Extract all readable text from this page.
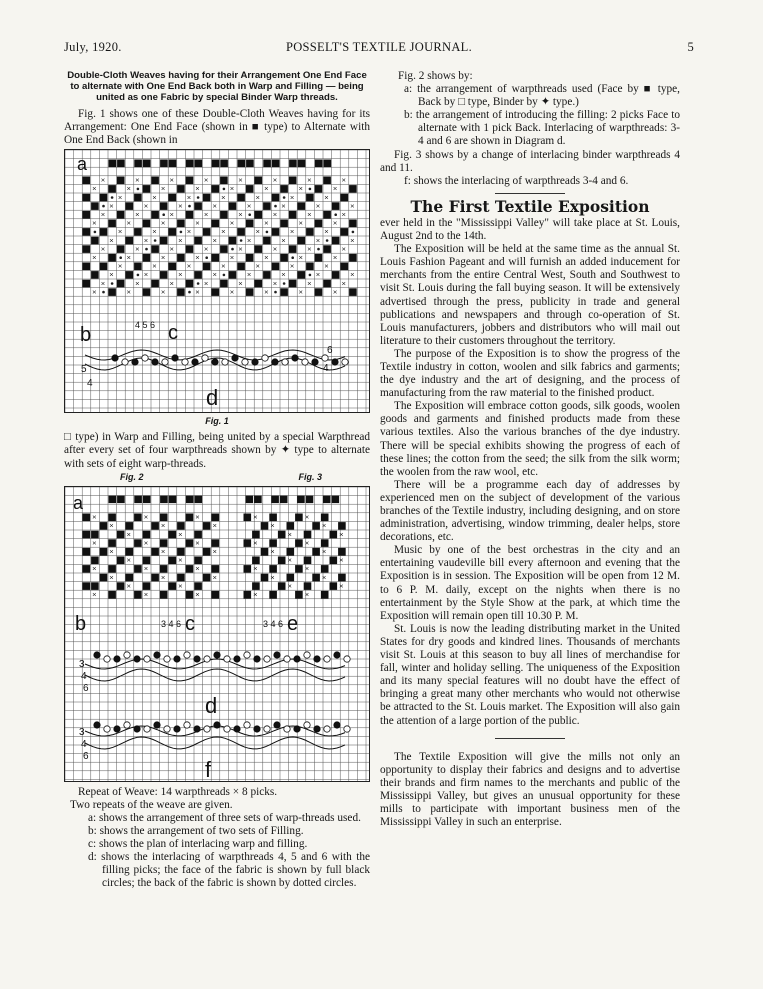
July, 1920.	POSSELT'S TEXTILE JOURNAL.	5
Double-Cloth Weaves having for their Arrangement One End Face to alternate with One End Back both in Warp and Filling — being united as one Fabric by special Binder Warp threads.

Fig. 1 shows one of these Double-Cloth Weaves having for its Arrangement: One End Face (shown in ■ type) to Alternate with One End Back (shown in

×	×	×	×	×	×	×	×
×	×	×	×	×	×	×	×
×	×	×	×	×	×	×
×	×	×	×	×	×	×	×
×	×	×	×	×	×	×	×
×	×	×	×	×	×	×	×
×	×	×	×	×	×	×
×	×	×	×	×	×	×	×
×	×	×	×	×	×	×	×
×	×	×	×	×	×	×	×
×	×	×	×	×	×	×
×	×	×	×	×	×	×	×
×	×	×	×	×	×	×	×
×	×	×	×	×	×	×	×
a
b	4 5 6 c
5
4
6
4
d
Fig. 1

□ type) in Warp and Filling, being united by a special Warpthread after every set of four warpthreads shown by ✦ type to alternate with sets of eight warp-threads.

Fig. 2	Fig. 3
×	×	×
×	×	×
×	×
×	×	×
×	×	×
×	×
×	×	×
×	×	×
×	×
×	×	×
×	×
×	×
×	×
×	×
×	×
×	×
×	×
×	×
×	×
×	×
a
b	3 4 6 c	3 4 6 e
3
4
6
d
3
4
6
f

Repeat of Weave: 14 warpthreads × 8 picks.

Two repeats of the weave are given.

a: shows the arrangement of three sets of warp-threads used.

b: shows the arrangement of two sets of Filling.

c: shows the plan of interlacing warp and filling.

d: shows the interlacing of warpthreads 4, 5 and 6 with the filling picks; the face of the fabric is shown by full black circles; the back of the fabric is shown by dotted circles.

Fig. 2 shows by:

a: the arrangement of warpthreads used (Face by ■ type, Back by □ type, Binder by ✦ type.)

b: the arrangement of introducing the filling: 2 picks Face to alternate with 1 pick Back. Interlacing of warpthreads: 3-4 and 6 are shown in Diagram d.

Fig. 3 shows by a change of interlacing binder warpthreads 4 and 11.

f: shows the interlacing of warpthreads 3-4 and 6.

The First Textile Exposition

ever held in the "Mississippi Valley" will take place at St. Louis, August 2nd to the 14th.

The Exposition will be held at the same time as the annual St. Louis Fashion Pageant and will furnish an added inducement for merchants from the entire Central West, South and Southwest to visit St. Louis during the fall buying season. It will be extensively advertised through the press, publicity in trade and general publications and newspapers and through co-operation of St. Louis manufacturers, jobbers and distributors who will mail out literature to their customers throughout the territory.

The purpose of the Exposition is to show the progress of the Textile industry in cotton, woolen and silk fabrics and garments; the dye industry and the art of designing, and the process of manufacturing from the raw material to the finished product.

The Exposition will embrace cotton goods, silk goods, woolen goods and garments and finished products made from these various textiles. Also the various branches of the dye industry. There will be special exhibits showing the progress of each of these lines; the cotton from the seed; the silk from the silk worm; the woolen from the raw wool, etc.

There will be a programme each day of addresses by experienced men on the subject of development of the various branches of the Textile industry, including designing, and on store administration, advertising, window trimming, dealer helps, store decorations, etc.

Music by one of the best orchestras in the city and an entertaining vaudeville bill every afternoon and evening that the Exposition is in session. The Exposition will be open from 12 M. to 6 P. M. daily, except on the nights when there is no entertainment by the Style Show at the park, at which time the Exposition will remain open till 10.30 P. M.

St. Louis is now the leading distributing market in the United States for dry goods and kindred lines. Thousands of merchants visit St. Louis at this season to buy all lines of merchandise for fall, winter and holiday selling. The uniqueness of the Exposition and its many special features will no doubt have the effect of bringing a great many other merchants who would not otherwise be attracted to the St. Louis market. The Exposition will also gain the attention of a large portion of the public.

The Textile Exposition will give the mills not only an opportunity to display their fabrics and designs and to advertise their brands and firm names to the merchants and public of the Mississippi Valley, but gives an unusual opportunity for these mills to participate with important business men of the Mississippi Valley in such an enterprise.
